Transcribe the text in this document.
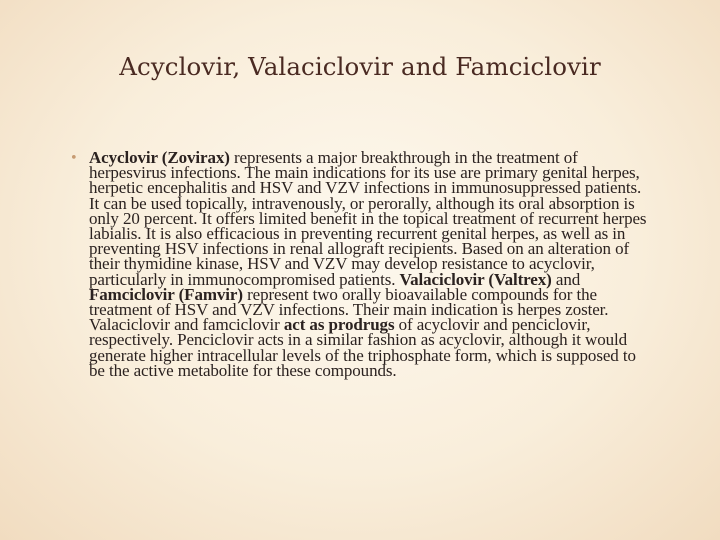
Acyclovir, Valaciclovir and Famciclovir
• Acyclovir (Zovirax) represents a major breakthrough in the treatment of herpesvirus infections. The main indications for its use are primary genital herpes, herpetic encephalitis and HSV and VZV infections in immunosuppressed patients. It can be used topically, intravenously, or perorally, although its oral absorption is only 20 percent. It offers limited benefit in the topical treatment of recurrent herpes labialis. It is also efficacious in preventing recurrent genital herpes, as well as in preventing HSV infections in renal allograft recipients. Based on an alteration of their thymidine kinase, HSV and VZV may develop resistance to acyclovir, particularly in immunocompromised patients. Valaciclovir (Valtrex) and Famciclovir (Famvir) represent two orally bioavailable compounds for the treatment of HSV and VZV infections. Their main indication is herpes zoster. Valaciclovir and famciclovir act as prodrugs of acyclovir and penciclovir, respectively. Penciclovir acts in a similar fashion as acyclovir, although it would generate higher intracellular levels of the triphosphate form, which is supposed to be the active metabolite for these compounds.
